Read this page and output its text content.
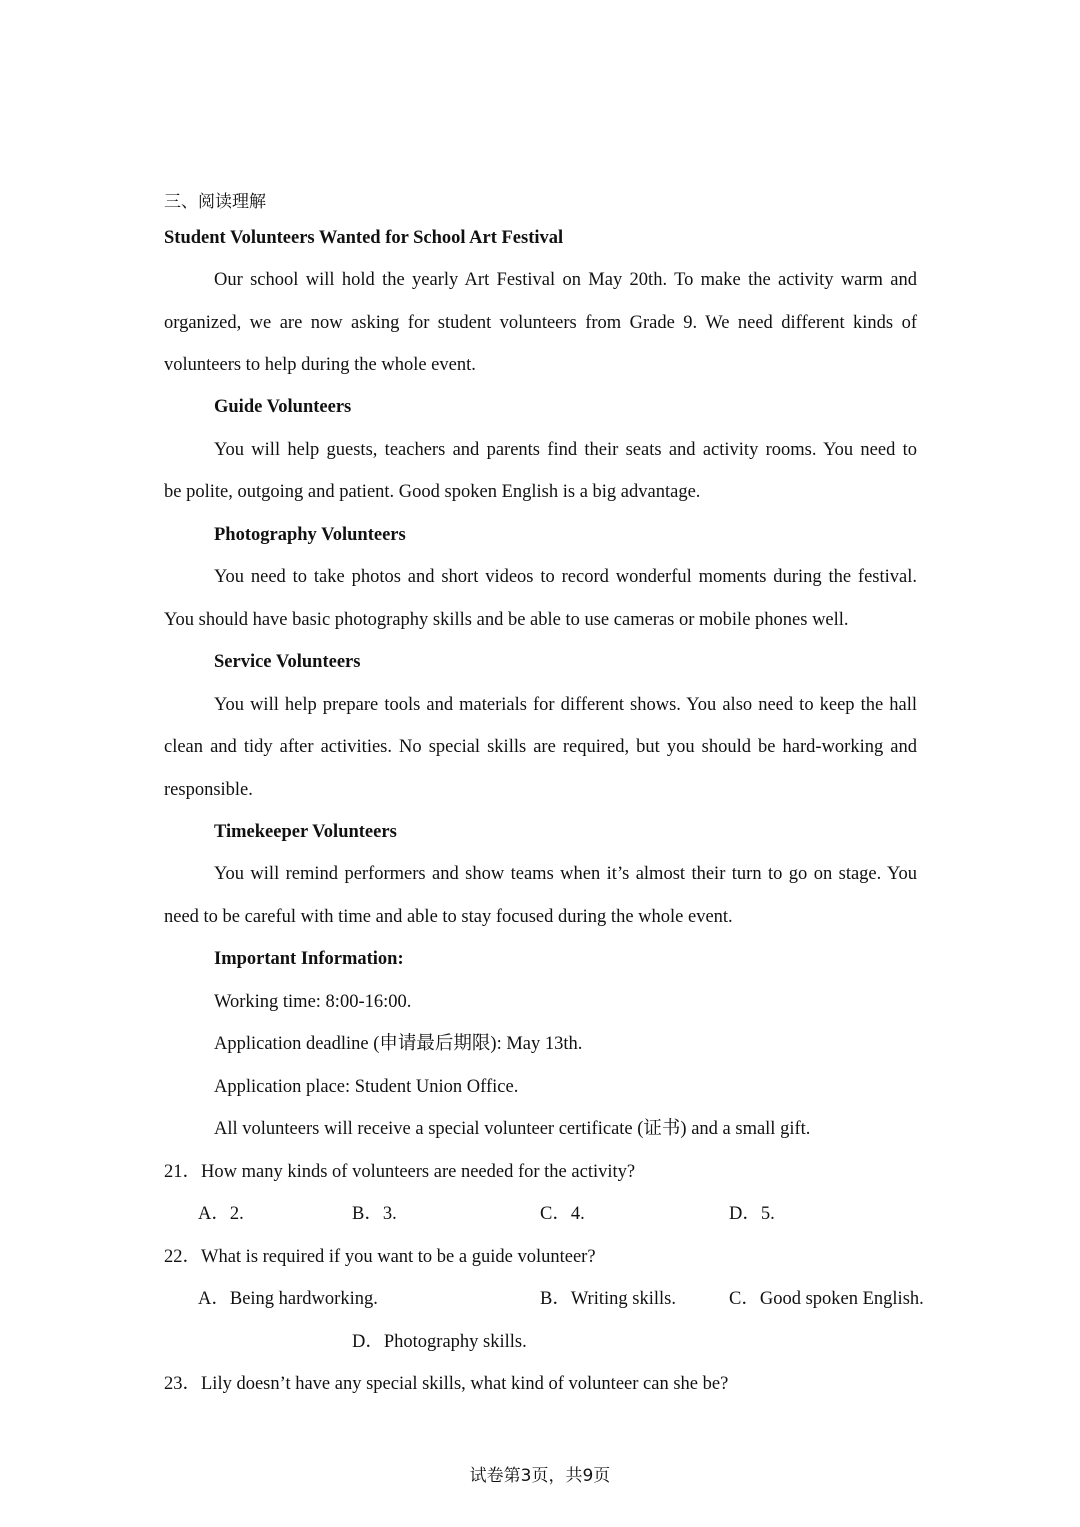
三、阅读理解
Student Volunteers Wanted for School Art Festival
Our school will hold the yearly Art Festival on May 20th. To make the activity warm and
organized, we are now asking for student volunteers from Grade 9. We need different kinds of
volunteers to help during the whole event.
Guide Volunteers
You will help guests, teachers and parents find their seats and activity rooms. You need to
be polite, outgoing and patient. Good spoken English is a big advantage.
Photography Volunteers
You need to take photos and short videos to record wonderful moments during the festival.
You should have basic photography skills and be able to use cameras or mobile phones well.
Service Volunteers
You will help prepare tools and materials for different shows. You also need to keep the hall
clean and tidy after activities. No special skills are required, but you should be hard-working and
responsible.
Timekeeper Volunteers
You will remind performers and show teams when it’s almost their turn to go on stage. You
need to be careful with time and able to stay focused during the whole event.
Important Information:
Working time: 8:00-16:00.
Application deadline (申请最后期限): May 13th.
Application place: Student Union Office.
All volunteers will receive a special volunteer certificate (证书) and a small gift.
21．How many kinds of volunteers are needed for the activity?
A．2.	B．3.	C．4.	D．5.
22．What is required if you want to be a guide volunteer?
A．Being hardworking.	B．Writing skills.	C．Good spoken English.
D．Photography skills.
23．Lily doesn’t have any special skills, what kind of volunteer can she be?
试卷第3页，共9页
